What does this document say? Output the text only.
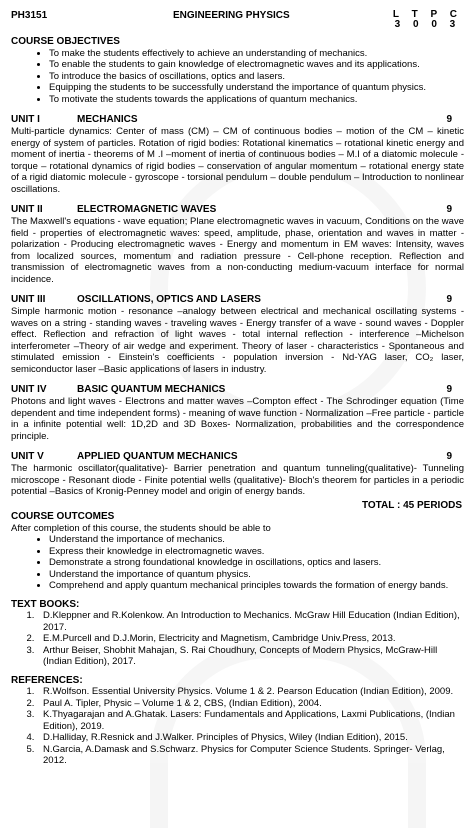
PH3151	ENGINEERING PHYSICS	L T P C
3 0 0 3
COURSE OBJECTIVES
• To make the students effectively to achieve an understanding of mechanics.
• To enable the students to gain knowledge of electromagnetic waves and its applications.
• To introduce the basics of oscillations, optics and lasers.
• Equipping the students to be successfully understand the importance of quantum physics.
• To motivate the students towards the applications of quantum mechanics.
UNIT I	MECHANICS	9
Multi-particle dynamics: Center of mass (CM) – CM of continuous bodies – motion of the CM – kinetic energy of system of particles. Rotation of rigid bodies: Rotational kinematics – rotational kinetic energy and moment of inertia - theorems of M .I –moment of inertia of continuous bodies – M.I of a diatomic molecule - torque – rotational dynamics of rigid bodies – conservation of angular momentum – rotational energy state of a rigid diatomic molecule - gyroscope - torsional pendulum – double pendulum – Introduction to nonlinear oscillations.
UNIT II	ELECTROMAGNETIC WAVES	9
The Maxwell's equations - wave equation; Plane electromagnetic waves in vacuum, Conditions on the wave field - properties of electromagnetic waves: speed, amplitude, phase, orientation and waves in matter - polarization - Producing electromagnetic waves - Energy and momentum in EM waves: Intensity, waves from localized sources, momentum and radiation pressure - Cell-phone reception. Reflection and transmission of electromagnetic waves from a non-conducting medium-vacuum interface for normal incidence.
UNIT III	OSCILLATIONS, OPTICS AND LASERS	9
Simple harmonic motion - resonance –analogy between electrical and mechanical oscillating systems - waves on a string - standing waves - traveling waves - Energy transfer of a wave - sound waves - Doppler effect. Reflection and refraction of light waves - total internal reflection - interference –Michelson interferometer –Theory of air wedge and experiment. Theory of laser - characteristics - Spontaneous and stimulated emission - Einstein's coefficients - population inversion - Nd-YAG laser, CO₂ laser, semiconductor laser –Basic applications of lasers in industry.
UNIT IV	BASIC QUANTUM MECHANICS	9
Photons and light waves - Electrons and matter waves –Compton effect - The Schrodinger equation (Time dependent and time independent forms) - meaning of wave function - Normalization –Free particle - particle in a infinite potential well: 1D,2D and 3D Boxes- Normalization, probabilities and the correspondence principle.
UNIT V	APPLIED QUANTUM MECHANICS	9
The harmonic oscillator(qualitative)- Barrier penetration and quantum tunneling(qualitative)- Tunneling microscope - Resonant diode - Finite potential wells (qualitative)- Bloch's theorem for particles in a periodic potential –Basics of Kronig-Penney model and origin of energy bands.
TOTAL : 45 PERIODS
COURSE OUTCOMES
After completion of this course, the students should be able to
• Understand the importance of mechanics.
• Express their knowledge in electromagnetic waves.
• Demonstrate a strong foundational knowledge in oscillations, optics and lasers.
• Understand the importance of quantum physics.
• Comprehend and apply quantum mechanical principles towards the formation of energy bands.
TEXT BOOKS:
1. D.Kleppner and R.Kolenkow. An Introduction to Mechanics. McGraw Hill Education (Indian Edition), 2017.
2. E.M.Purcell and D.J.Morin, Electricity and Magnetism, Cambridge Univ.Press, 2013.
3. Arthur Beiser, Shobhit Mahajan, S. Rai Choudhury, Concepts of Modern Physics, McGraw-Hill (Indian Edition), 2017.
REFERENCES:
1. R.Wolfson. Essential University Physics. Volume 1 & 2. Pearson Education (Indian Edition), 2009.
2. Paul A. Tipler, Physic – Volume 1 & 2, CBS, (Indian Edition), 2004.
3. K.Thyagarajan and A.Ghatak. Lasers: Fundamentals and Applications, Laxmi Publications, (Indian Edition), 2019.
4. D.Halliday, R.Resnick and J.Walker. Principles of Physics, Wiley (Indian Edition), 2015.
5. N.Garcia, A.Damask and S.Schwarz. Physics for Computer Science Students. Springer- Verlag, 2012.
